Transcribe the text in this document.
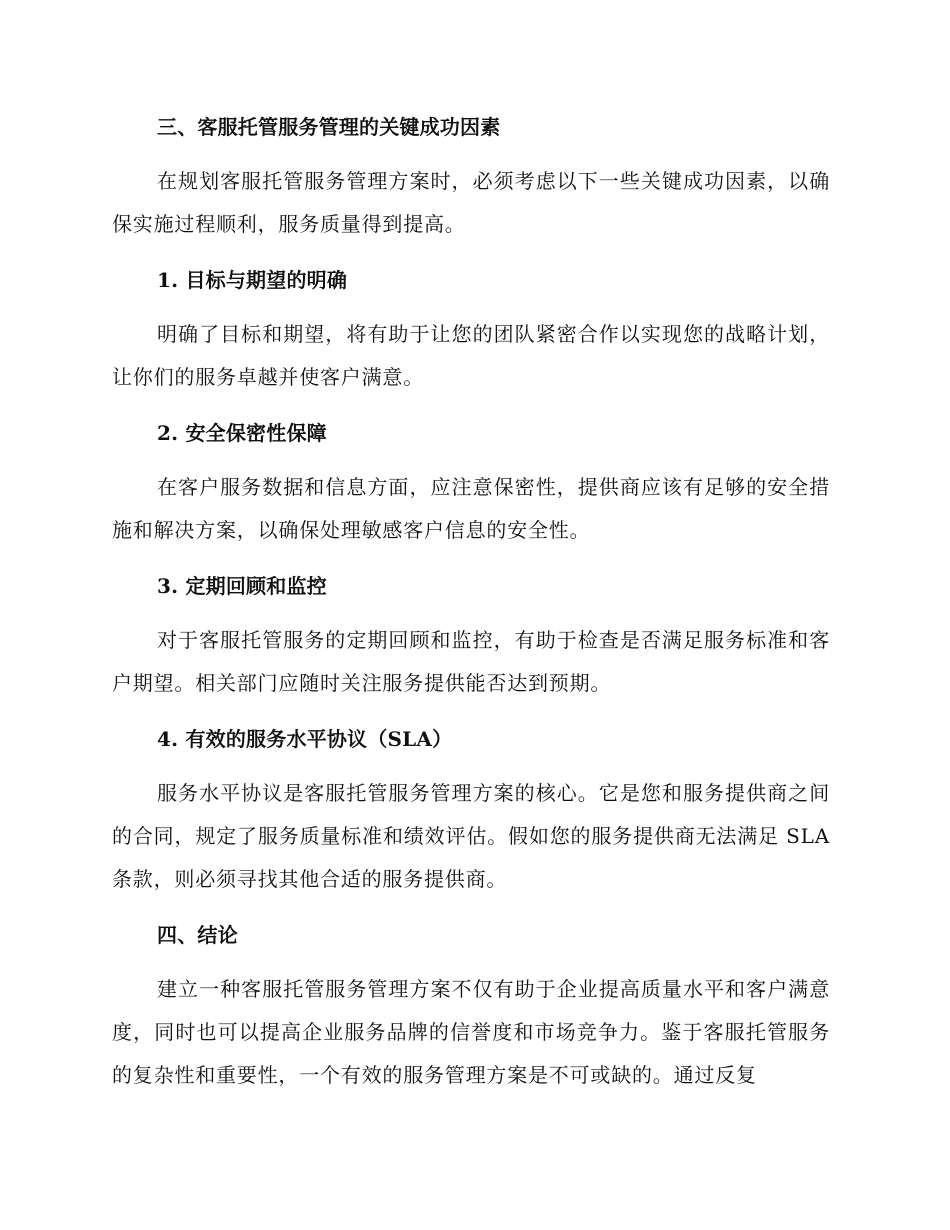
三、客服托管服务管理的关键成功因素

在规划客服托管服务管理方案时，必须考虑以下一些关键成功因素，以确保实施过程顺利，服务质量得到提高。

1. 目标与期望的明确

明确了目标和期望，将有助于让您的团队紧密合作以实现您的战略计划，让你们的服务卓越并使客户满意。

2. 安全保密性保障

在客户服务数据和信息方面，应注意保密性，提供商应该有足够的安全措施和解决方案，以确保处理敏感客户信息的安全性。

3. 定期回顾和监控

对于客服托管服务的定期回顾和监控，有助于检查是否满足服务标准和客户期望。相关部门应随时关注服务提供能否达到预期。

4. 有效的服务水平协议（SLA）

服务水平协议是客服托管服务管理方案的核心。它是您和服务提供商之间的合同，规定了服务质量标准和绩效评估。假如您的服务提供商无法满足 SLA 条款，则必须寻找其他合适的服务提供商。

四、结论

建立一种客服托管服务管理方案不仅有助于企业提高质量水平和客户满意度，同时也可以提高企业服务品牌的信誉度和市场竞争力。鉴于客服托管服务的复杂性和重要性，一个有效的服务管理方案是不可或缺的。通过反复
